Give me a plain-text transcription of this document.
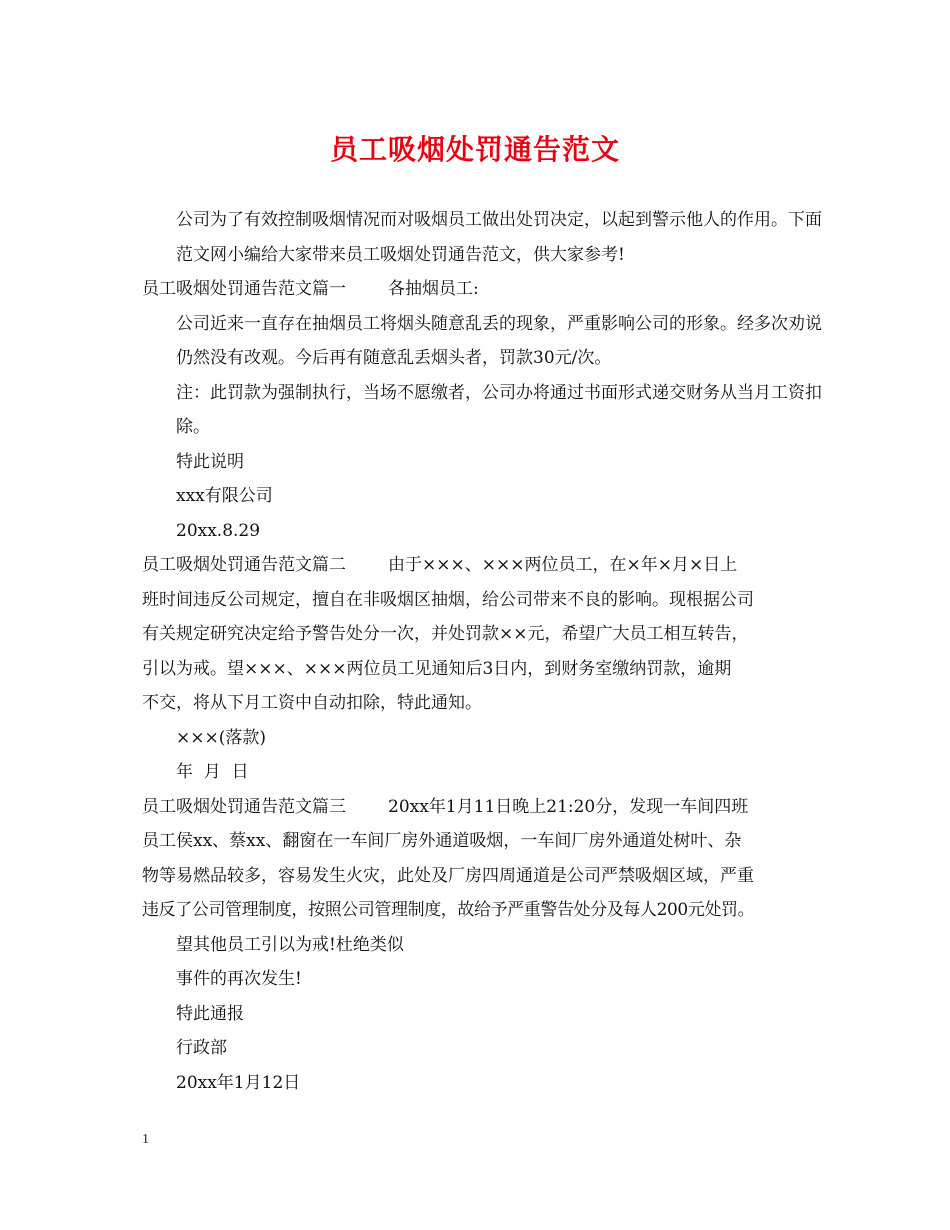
员工吸烟处罚通告范文

公司为了有效控制吸烟情况而对吸烟员工做出处罚决定，以起到警示他人的作用。下面范文网小编给大家带来员工吸烟处罚通告范文，供大家参考!

员工吸烟处罚通告范文篇一 各抽烟员工:

公司近来一直存在抽烟员工将烟头随意乱丢的现象，严重影响公司的形象。经多次劝说仍然没有改观。今后再有随意乱丢烟头者，罚款30元/次。

注：此罚款为强制执行，当场不愿缴者，公司办将通过书面形式递交财务从当月工资扣除。

特此说明

xxx有限公司

20xx.8.29

员工吸烟处罚通告范文篇二 由于×××、×××两位员工，在×年×月×日上

班时间违反公司规定，擅自在非吸烟区抽烟，给公司带来不良的影响。现根据公司

有关规定研究决定给予警告处分一次，并处罚款××元，希望广大员工相互转告，

引以为戒。望×××、×××两位员工见通知后3日内，到财务室缴纳罚款，逾期

不交，将从下月工资中自动扣除，特此通知。

×××(落款)

年  月  日

员工吸烟处罚通告范文篇三 20xx年1月11日晚上21:20分，发现一车间四班

员工侯xx、蔡xx、翻窗在一车间厂房外通道吸烟，一车间厂房外通道处树叶、杂

物等易燃品较多，容易发生火灾，此处及厂房四周通道是公司严禁吸烟区域，严重

违反了公司管理制度，按照公司管理制度，故给予严重警告处分及每人200元处罚。

望其他员工引以为戒!杜绝类似

事件的再次发生!

特此通报

行政部

20xx年1月12日

1
